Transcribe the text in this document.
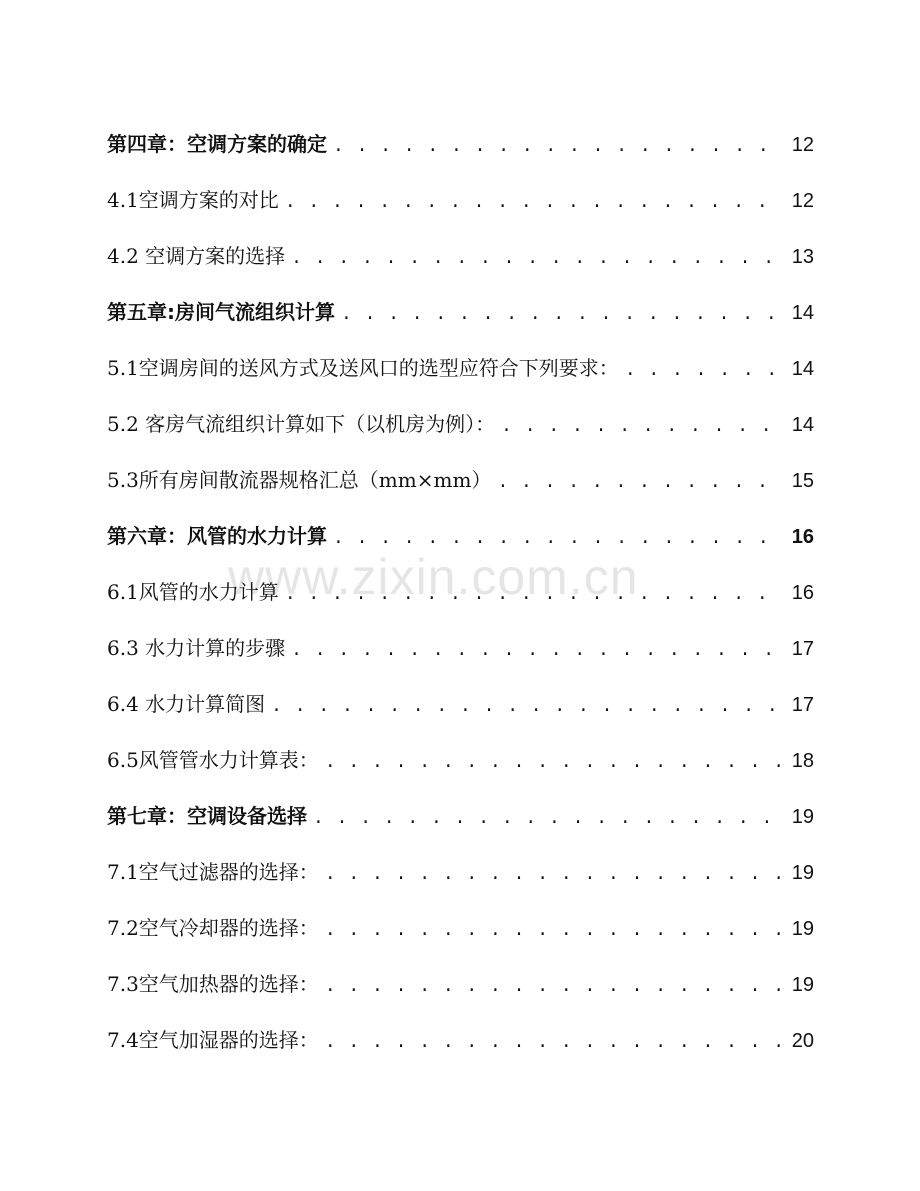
第四章：空调方案的确定 . . .	12
4.1空调方案的对比 . . .	12
4.2 空调方案的选择 . . .	13
第五章:房间气流组织计算 . . .	14
5.1空调房间的送风方式及送风口的选型应符合下列要求： . . .	14
5.2 客房气流组织计算如下（以机房为例）： . . .	14
5.3所有房间散流器规格汇总（mm×mm） . . .	15
第六章：风管的水力计算 . . .	16
6.1风管的水力计算 . . .	16
6.3 水力计算的步骤 . . .	17
6.4 水力计算简图 . . .	17
6.5风管管水力计算表： . . .	18
第七章：空调设备选择 . . .	19
7.1空气过滤器的选择： . . .	19
7.2空气冷却器的选择： . . .	19
7.3空气加热器的选择： . . .	19
7.4空气加湿器的选择： . . .	20
www.zixin.com.cn
